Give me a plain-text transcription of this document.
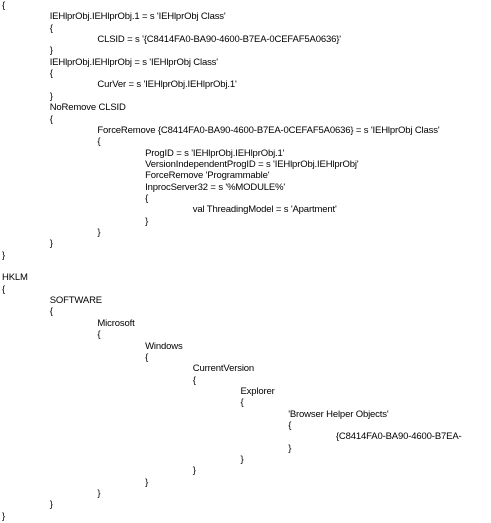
{
IEHlprObj.IEHlprObj.1 = s 'IEHlprObj Class'
{
CLSID = s '{C8414FA0-BA90-4600-B7EA-0CEFAF5A0636}'
}
IEHlprObj.IEHlprObj = s 'IEHlprObj Class'
{
CurVer = s 'IEHlprObj.IEHlprObj.1'
}
NoRemove CLSID
{
ForceRemove {C8414FA0-BA90-4600-B7EA-0CEFAF5A0636} = s 'IEHlprObj Class'
{
ProgID = s 'IEHlprObj.IEHlprObj.1'
VersionIndependentProgID = s 'IEHlprObj.IEHlprObj'
ForceRemove 'Programmable'
InprocServer32 = s '%MODULE%'
{
val ThreadingModel = s 'Apartment'
}
}
}
}
HKLM
{
SOFTWARE
{
Microsoft
{
Windows
{
CurrentVersion
{
Explorer
{
'Browser Helper Objects'
{
{C8414FA0-BA90-4600-B7EA-
}
}
}
}
}
}
}
